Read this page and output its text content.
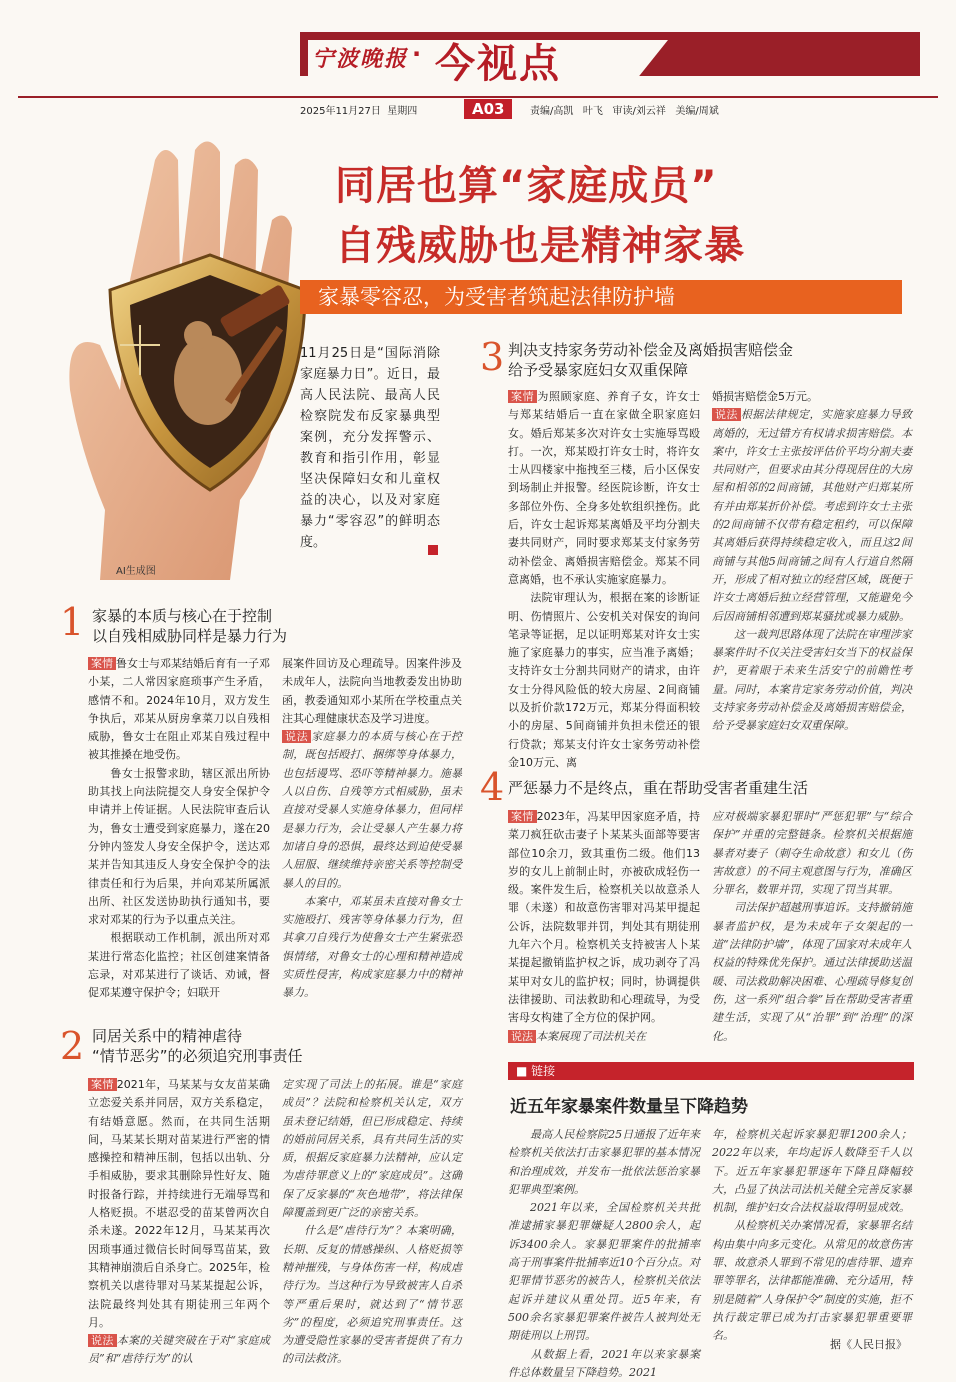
宁波晚报 · 今视点
2025年11月27日 星期四	A03	责编/高凯 叶飞 审读/刘云祥 美编/周斌
AI生成图
同居也算“家庭成员”
自残威胁也是精神家暴
家暴零容忍，为受害者筑起法律防护墙
11月25日是“国际消除家庭暴力日”。近日，最高人民法院、最高人民检察院发布反家暴典型案例，充分发挥警示、教育和指引作用，彰显坚决保障妇女和儿童权益的决心，以及对家庭暴力“零容忍”的鲜明态度。
3 判决支持家务劳动补偿金及离婚损害赔偿金
给予受暴家庭妇女双重保障

案情 为照顾家庭、养育子女，许女士与郑某结婚后一直在家做全职家庭妇女。婚后郑某多次对许女士实施辱骂殴打。一次，郑某殴打许女士时，将许女士从四楼家中拖拽至三楼，后小区保安到场制止并报警。经医院诊断，许女士多部位外伤、全身多处软组织挫伤。此后，许女士起诉郑某离婚及平均分割夫妻共同财产，同时要求郑某支付家务劳动补偿金、离婚损害赔偿金。郑某不同意离婚，也不承认实施家庭暴力。

  法院审理认为，根据在案的诊断证明、伤情照片、公安机关对保安的询问笔录等证据，足以证明郑某对许女士实施了家庭暴力的事实，应当准予离婚；支持许女士分割共同财产的请求，由许女士分得风险低的较大房屋、2间商铺以及折价款172万元，郑某分得面积较小的房屋、5间商铺并负担未偿还的银行贷款；郑某支付许女士家务劳动补偿金10万元、离

婚损害赔偿金5万元。

说法 根据法律规定，实施家庭暴力导致离婚的，无过错方有权请求损害赔偿。本案中，许女士主张按评估价平均分割夫妻共同财产，但要求由其分得现居住的大房屋和相邻的2间商铺，其他财产归郑某所有并由郑某折价补偿。考虑到许女士主张的2间商铺不仅带有稳定租约，可以保障其离婚后获得持续稳定收入，而且这2间商铺与其他5间商铺之间有人行道自然隔开，形成了相对独立的经营区域，既便于许女士离婚后独立经营管理，又能避免今后因商铺相邻遭到郑某骚扰或暴力威胁。

  这一裁判思路体现了法院在审理涉家暴案件时不仅关注受害妇女当下的权益保护，更着眼于未来生活安宁的前瞻性考量。同时，本案肯定家务劳动价值，判决支持家务劳动补偿金及离婚损害赔偿金，给予受暴家庭妇女双重保障。

1 家暴的本质与核心在于控制
以自残相威胁同样是暴力行为

案情 鲁女士与邓某结婚后育有一子邓小某，二人常因家庭琐事产生矛盾，感情不和。2024年10月，双方发生争执后，邓某从厨房拿菜刀以自残相威胁，鲁女士在阻止邓某自残过程中被其推搡在地受伤。

  鲁女士报警求助，辖区派出所协助其找上向法院提交人身安全保护令申请并上传证据。人民法院审查后认为，鲁女士遭受到家庭暴力，遂在20分钟内签发人身安全保护令，送达邓某并告知其违反人身安全保护令的法律责任和行为后果，并向邓某所属派出所、社区发送协助执行通知书，要求对邓某的行为予以重点关注。

  根据联动工作机制，派出所对邓某进行常态化监控；社区创建案情备忘录，对邓某进行了谈话、劝诫，督促邓某遵守保护令；妇联开

展案件回访及心理疏导。因案件涉及未成年人，法院向当地教委发出协助函，教委通知邓小某所在学校重点关注其心理健康状态及学习进度。

说法 家庭暴力的本质与核心在于控制，既包括殴打、捆绑等身体暴力，也包括谩骂、恐吓等精神暴力。施暴人以自伤、自残等方式相威胁，虽未直接对受暴人实施身体暴力，但同样是暴力行为，会让受暴人产生暴力将加诸自身的恐惧，最终达到迫使受暴人屈服、继续维持亲密关系等控制受暴人的目的。

  本案中，邓某虽未直接对鲁女士实施殴打、残害等身体暴力行为，但其拿刀自残行为使鲁女士产生紧张恐惧情绪，对鲁女士的心理和精神造成实质性侵害，构成家庭暴力中的精神暴力。

4 严惩暴力不是终点，重在帮助受害者重建生活

案情 2023年，冯某甲因家庭矛盾，持菜刀疯狂砍击妻子卜某某头面部等要害部位10余刀，致其重伤二级。他们13岁的女儿上前制止时，亦被砍成轻伤一级。案件发生后，检察机关以故意杀人罪（未遂）和故意伤害罪对冯某甲提起公诉，法院数罪并罚，判处其有期徒刑九年六个月。检察机关支持被害人卜某某提起撤销监护权之诉，成功剥夺了冯某甲对女儿的监护权；同时，协调提供法律援助、司法救助和心理疏导，为受害母女构建了全方位的保护网。

说法 本案展现了司法机关在

应对极端家暴犯罪时“严惩犯罪”与“综合保护”并重的完整链条。检察机关根据施暴者对妻子（刺夺生命故意）和女儿（伤害故意）的不同主观意图与行为，准确区分罪名，数罪并罚，实现了罚当其罪。

  司法保护超越刑事追诉。支持撤销施暴者监护权，是为未成年子女架起的一道“法律防护墙”，体现了国家对未成年人权益的特殊优先保护。通过法律援助送温暖、司法救助解决困难、心理疏导修复创伤，这一系列“组合拳”旨在帮助受害者重建生活，实现了从“治罪”到“治理”的深化。

2 同居关系中的精神虐待
“情节恶劣”的必须追究刑事责任

案情 2021年，马某某与女友苗某确立恋爱关系并同居，双方关系稳定，有结婚意愿。然而，在共同生活期间，马某某长期对苗某进行严密的情感操控和精神压制，包括以出轨、分手相威胁，要求其删除异性好友、随时报备行踪，并持续进行无端辱骂和人格贬损。不堪忍受的苗某曾两次自杀未遂。2022年12月，马某某再次因琐事通过微信长时间辱骂苗某，致其精神崩溃后自杀身亡。2025年，检察机关以虐待罪对马某某提起公诉，法院最终判处其有期徒刑三年两个月。

说法 本案的关键突破在于对“家庭成员”和“虐待行为”的认

定实现了司法上的拓展。谁是“家庭成员”？法院和检察机关认定，双方虽未登记结婚，但已形成稳定、持续的婚前同居关系，具有共同生活的实质，根据反家庭暴力法精神，应认定为虐待罪意义上的“家庭成员”。这确保了反家暴的“灰色地带”，将法律保障覆盖到更广泛的亲密关系。

  什么是“虐待行为”？本案明确，长期、反复的情感操纵、人格贬损等精神摧残，与身体伤害一样，构成虐待行为。当这种行为导致被害人自杀等严重后果时，就达到了“情节恶劣”的程度，必须追究刑事责任。这为遭受隐性家暴的受害者提供了有力的司法救济。

■ 链接
近五年家暴案件数量呈下降趋势

  最高人民检察院25日通报了近年来检察机关依法打击家暴犯罪的基本情况和治理成效，并发布一批依法惩治家暴犯罪典型案例。

  2021年以来，全国检察机关共批准逮捕家暴犯罪嫌疑人2800余人，起诉3400余人。家暴犯罪案件的批捕率高于刑事案件批捕率近10个百分点。对犯罪情节恶劣的被告人，检察机关依法起诉并建议从重处罚。近5年来，有500余名家暴犯罪案件被告人被判处无期徒刑以上刑罚。

  从数据上看，2021年以来家暴案件总体数量呈下降趋势。2021

年，检察机关起诉家暴犯罪1200余人；2022年以来，年均起诉人数降至千人以下。近五年家暴犯罪逐年下降且降幅较大，凸显了执法司法机关健全完善反家暴机制，维护妇女合法权益取得明显成效。

  从检察机关办案情况看，家暴罪名结构由集中向多元变化。从常见的故意伤害罪、故意杀人罪到不常见的虐待罪、遗弃罪等罪名，法律都能准确、充分适用，特别是随着“人身保护令”制度的实施，拒不执行裁定罪已成为打击家暴犯罪重要罪名。

据《人民日报》
